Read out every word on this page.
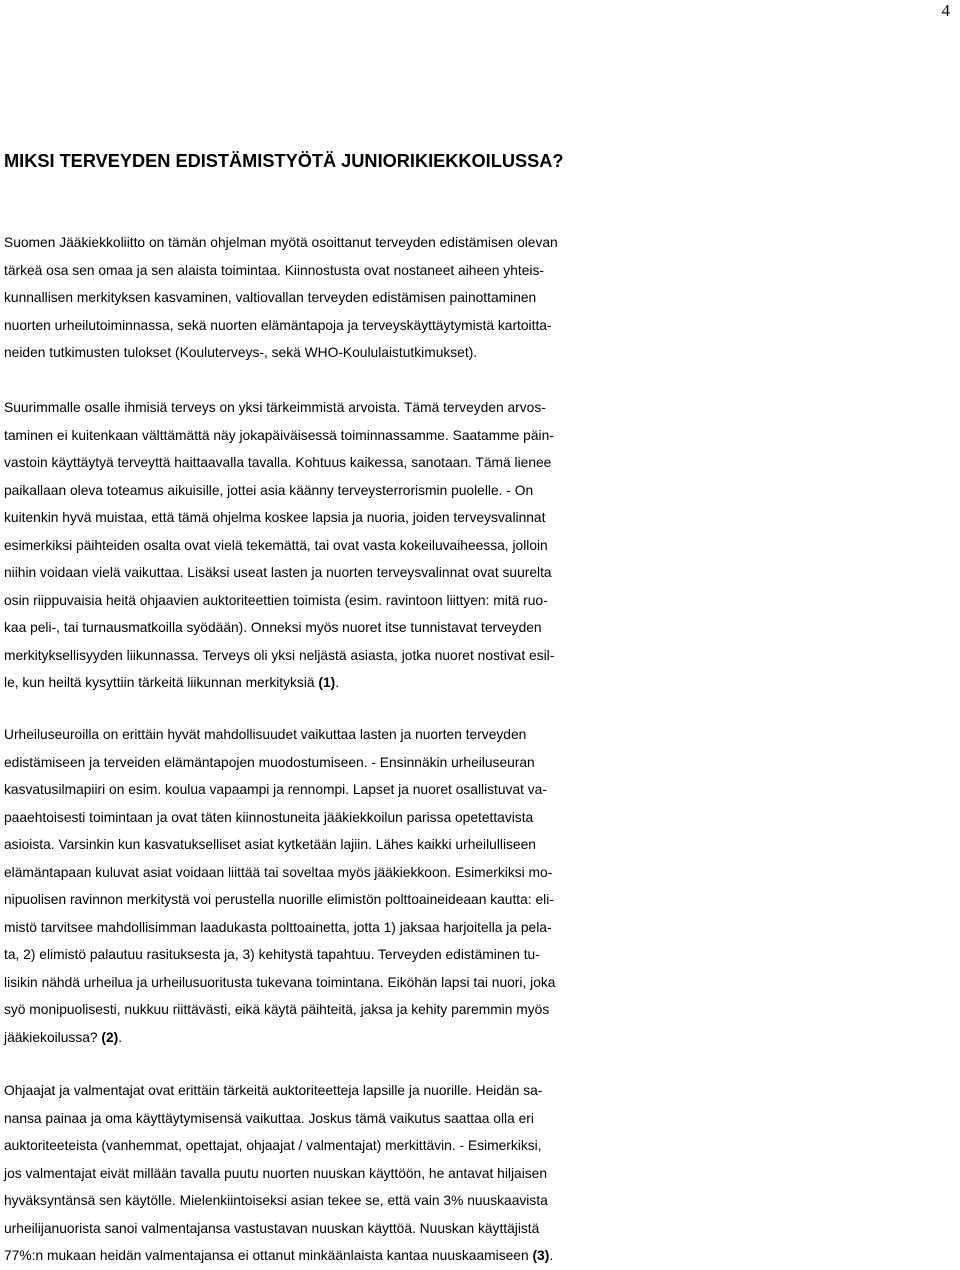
4
MIKSI TERVEYDEN EDISTÄMISTYÖTÄ JUNIORIKIEKKOILUSSA?
Suomen Jääkiekkoliitto on tämän ohjelman myötä osoittanut terveyden edistämisen olevan
tärkeä osa sen omaa ja sen alaista toimintaa. Kiinnostusta ovat nostaneet aiheen yhteis-
kunnallisen merkityksen kasvaminen, valtiovallan terveyden edistämisen painottaminen
nuorten urheilutoiminnassa, sekä nuorten elämäntapoja ja terveyskäyttäytymistä kartoitta-
neiden tutkimusten tulokset (Kouluterveys-, sekä WHO-Koululaistutkimukset).
Suurimmalle osalle ihmisiä terveys on yksi tärkeimmistä arvoista. Tämä terveyden arvos-
taminen ei kuitenkaan välttämättä näy jokapäiväisessä toiminnassamme. Saatamme päin-
vastoin käyttäytyä terveyttä haittaavalla tavalla. Kohtuus kaikessa, sanotaan. Tämä lienee
paikallaan oleva toteamus aikuisille, jottei asia käänny terveysterrorismin puolelle. - On
kuitenkin hyvä muistaa, että tämä ohjelma koskee lapsia ja nuoria, joiden terveysvalinnat
esimerkiksi päihteiden osalta ovat vielä tekemättä, tai ovat vasta kokeiluvaiheessa, jolloin
niihin voidaan vielä vaikuttaa. Lisäksi useat lasten ja nuorten terveysvalinnat ovat suurelta
osin riippuvaisia heitä ohjaavien auktoriteettien toimista (esim. ravintoon liittyen: mitä ruo-
kaa peli-, tai turnausmatkoilla syödään). Onneksi myös nuoret itse tunnistavat terveyden
merkityksellisyyden liikunnassa. Terveys oli yksi neljästä asiasta, jotka nuoret nostivat esil-
le, kun heiltä kysyttiin tärkeitä liikunnan merkityksiä (1).
Urheiluseuroilla on erittäin hyvät mahdollisuudet vaikuttaa lasten ja nuorten terveyden
edistämiseen ja terveiden elämäntapojen muodostumiseen. - Ensinnäkin urheiluseuran
kasvatusilmapiiri on esim. koulua vapaampi ja rennompi. Lapset ja nuoret osallistuvat va-
paaehtoisesti toimintaan ja ovat täten kiinnostuneita jääkiekkoilun parissa opetettavista
asioista. Varsinkin kun kasvatukselliset asiat kytketään lajiin. Lähes kaikki urheilulliseen
elämäntapaan kuluvat asiat voidaan liittää tai soveltaa myös jääkiekkoon. Esimerkiksi mo-
nipuolisen ravinnon merkitystä voi perustella nuorille elimistön polttoaineideaan kautta: eli-
mistö tarvitsee mahdollisimman laadukasta polttoainetta, jotta 1) jaksaa harjoitella ja pela-
ta, 2) elimistö palautuu rasituksesta ja, 3) kehitystä tapahtuu. Terveyden edistäminen tu-
lisikin nähdä urheilua ja urheilusuoritusta tukevana toimintana. Eiköhän lapsi tai nuori, joka
syö monipuolisesti, nukkuu riittävästi, eikä käytä päihteitä, jaksa ja kehity paremmin myös
jääkiekoilussa? (2).
Ohjaajat ja valmentajat ovat erittäin tärkeitä auktoriteetteja lapsille ja nuorille. Heidän sa-
nansa painaa ja oma käyttäytymisensä vaikuttaa. Joskus tämä vaikutus saattaa olla eri
auktoriteeteista (vanhemmat, opettajat, ohjaajat / valmentajat) merkittävin. - Esimerkiksi,
jos valmentajat eivät millään tavalla puutu nuorten nuuskan käyttöön, he antavat hiljaisen
hyväksyntänsä sen käytölle. Mielenkiintoiseksi asian tekee se, että vain 3% nuuskaavista
urheilijanuorista sanoi valmentajansa vastustavan nuuskan käyttöä. Nuuskan käyttäjistä
77%:n mukaan heidän valmentajansa ei ottanut minkäänlaista kantaa nuuskaamiseen (3).
